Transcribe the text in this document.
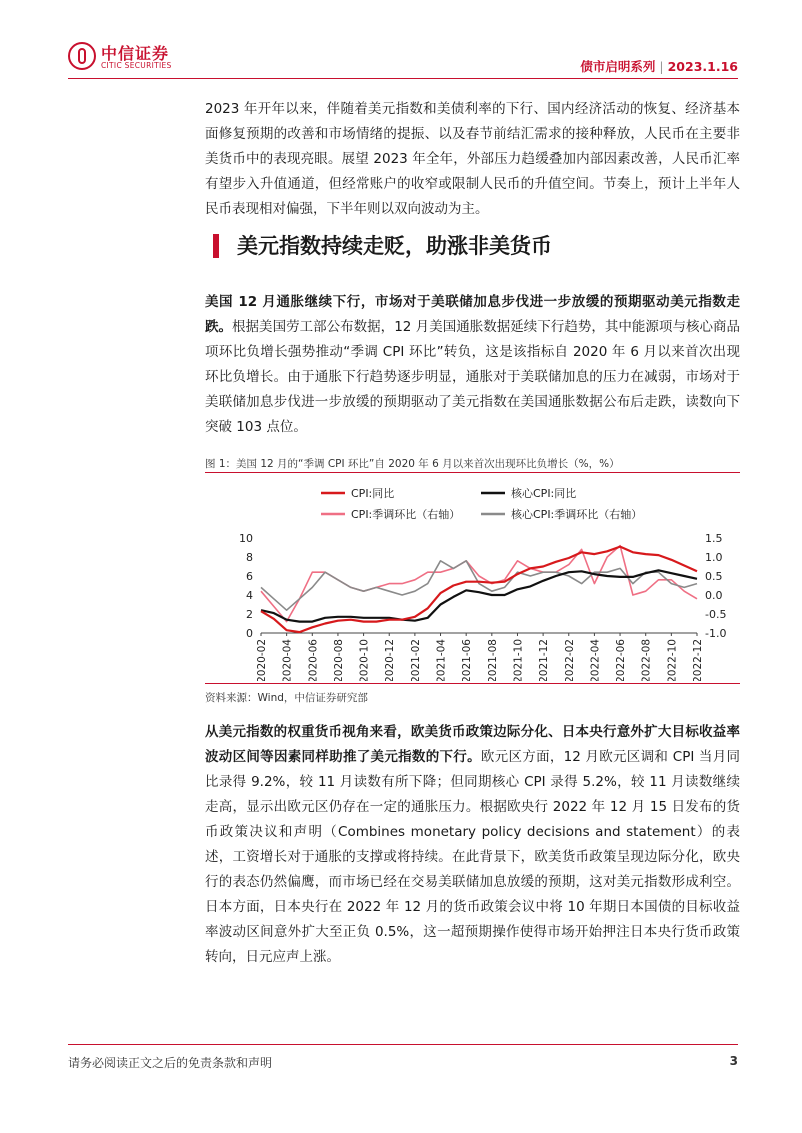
中信证券
CITIC SECURITIES	债市启明系列 | 2023.1.16

2023 年开年以来，伴随着美元指数和美债利率的下行、国内经济活动的恢复、经济基本面修复预期的改善和市场情绪的提振、以及春节前结汇需求的接种释放，人民币在主要非美货币中的表现亮眼。展望 2023 年全年，外部压力趋缓叠加内部因素改善，人民币汇率有望步入升值通道，但经常账户的收窄或限制人民币的升值空间。节奏上，预计上半年人民币表现相对偏强，下半年则以双向波动为主。

美元指数持续走贬，助涨非美货币

美国 12 月通胀继续下行，市场对于美联储加息步伐进一步放缓的预期驱动美元指数走跌。根据美国劳工部公布数据，12 月美国通胀数据延续下行趋势，其中能源项与核心商品项环比负增长强势推动“季调 CPI 环比”转负，这是该指标自 2020 年 6 月以来首次出现环比负增长。由于通胀下行趋势逐步明显，通胀对于美联储加息的压力在减弱，市场对于美联储加息步伐进一步放缓的预期驱动了美元指数在美国通胀数据公布后走跌，读数向下突破 103 点位。

图 1：美国 12 月的“季调 CPI 环比”自 2020 年 6 月以来首次出现环比负增长（%，%）
CPI:同比	核心CPI:同比
CPI:季调环比（右轴）	核心CPI:季调环比（右轴）
0
2
4
6
8
10
-1.0
-0.5
0.0
0.5
1.0
1.5
2020-02 2020-04 2020-06 2020-08 2020-10 2020-12 2021-02 2021-04 2021-06 2021-08 2021-10 2021-12 2022-02 2022-04 2022-06 2022-08 2022-10 2022-12
资料来源：Wind，中信证券研究部

从美元指数的权重货币视角来看，欧美货币政策边际分化、日本央行意外扩大目标收益率波动区间等因素同样助推了美元指数的下行。欧元区方面，12 月欧元区调和 CPI 当月同比录得 9.2%，较 11 月读数有所下降；但同期核心 CPI 录得 5.2%，较 11 月读数继续走高，显示出欧元区仍存在一定的通胀压力。根据欧央行 2022 年 12 月 15 日发布的货币政策决议和声明（Combines monetary policy decisions and statement）的表述，工资增长对于通胀的支撑或将持续。在此背景下，欧美货币政策呈现边际分化，欧央行的表态仍然偏鹰，而市场已经在交易美联储加息放缓的预期，这对美元指数形成利空。日本方面，日本央行在 2022 年 12 月的货币政策会议中将 10 年期日本国债的目标收益率波动区间意外扩大至正负 0.5%，这一超预期操作使得市场开始押注日本央行货币政策转向，日元应声上涨。

请务必阅读正文之后的免责条款和声明	3
